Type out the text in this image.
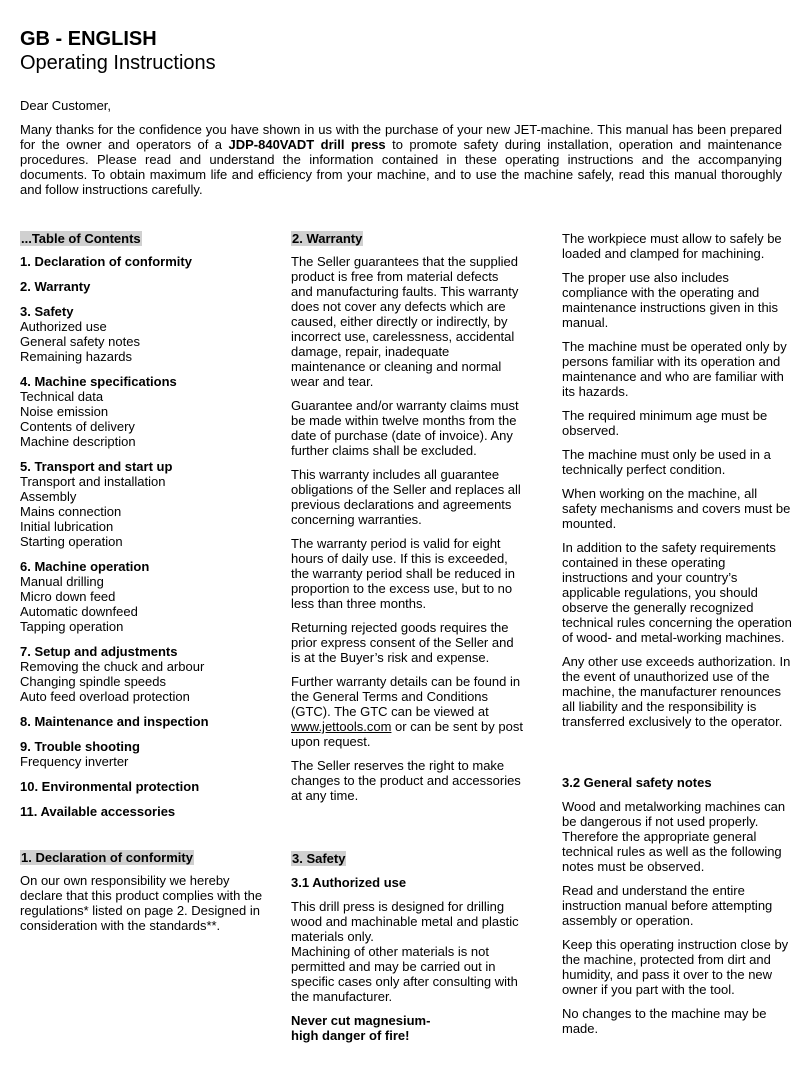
GB - ENGLISH
Operating Instructions
Dear Customer,
Many thanks for the confidence you have shown in us with the purchase of your new JET-machine. This manual has been prepared for the owner and operators of a JDP-840VADT drill press to promote safety during installation, operation and maintenance procedures. Please read and understand the information contained in these operating instructions and the accompanying documents. To obtain maximum life and efficiency from your machine, and to use the machine safely, read this manual thoroughly and follow instructions carefully.
...Table of Contents
1. Declaration of conformity
2. Warranty
3. Safety
Authorized use
General safety notes
Remaining hazards
4. Machine specifications
Technical data
Noise emission
Contents of delivery
Machine description
5. Transport and start up
Transport and installation
Assembly
Mains connection
Initial lubrication
Starting operation
6. Machine operation
Manual drilling
Micro down feed
Automatic downfeed
Tapping operation
7. Setup and adjustments
Removing the chuck and arbour
Changing spindle speeds
Auto feed overload protection
8. Maintenance and inspection
9. Trouble shooting
Frequency inverter
10. Environmental protection
11. Available accessories
1. Declaration of conformity
On our own responsibility we hereby declare that this product complies with the regulations* listed on page 2. Designed in consideration with the standards**.
2. Warranty

The Seller guarantees that the supplied product is free from material defects and manufacturing faults. This warranty does not cover any defects which are caused, either directly or indirectly, by incorrect use, carelessness, accidental damage, repair, inadequate maintenance or cleaning and normal wear and tear.

Guarantee and/or warranty claims must be made within twelve months from the date of purchase (date of invoice). Any further claims shall be excluded.

This warranty includes all guarantee obligations of the Seller and replaces all previous declarations and agreements concerning warranties.

The warranty period is valid for eight hours of daily use. If this is exceeded, the warranty period shall be reduced in proportion to the excess use, but to no less than three months.

Returning rejected goods requires the prior express consent of the Seller and is at the Buyer’s risk and expense.

Further warranty details can be found in the General Terms and Conditions (GTC). The GTC can be viewed at www.jettools.com or can be sent by post upon request.

The Seller reserves the right to make changes to the product and accessories at any time.

3. Safety
3.1 Authorized use
This drill press is designed for drilling wood and machinable metal and plastic materials only.

Machining of other materials is not permitted and may be carried out in specific cases only after consulting with the manufacturer.

Never cut magnesium-
high danger of fire!

The workpiece must allow to safely be loaded and clamped for machining.

The proper use also includes compliance with the operating and maintenance instructions given in this manual.

The machine must be operated only by persons familiar with its operation and maintenance and who are familiar with its hazards.

The required minimum age must be observed.

The machine must only be used in a technically perfect condition.

When working on the machine, all safety mechanisms and covers must be mounted.

In addition to the safety requirements contained in these operating instructions and your country’s applicable regulations, you should observe the generally recognized technical rules concerning the operation of wood- and metal-working machines.

Any other use exceeds authorization. In the event of unauthorized use of the machine, the manufacturer renounces all liability and the responsibility is transferred exclusively to the operator.

3.2 General safety notes

Wood and metalworking machines can be dangerous if not used properly. Therefore the appropriate general technical rules as well as the following notes must be observed.

Read and understand the entire instruction manual before attempting assembly or operation.

Keep this operating instruction close by the machine, protected from dirt and humidity, and pass it over to the new owner if you part with the tool.

No changes to the machine may be made.
